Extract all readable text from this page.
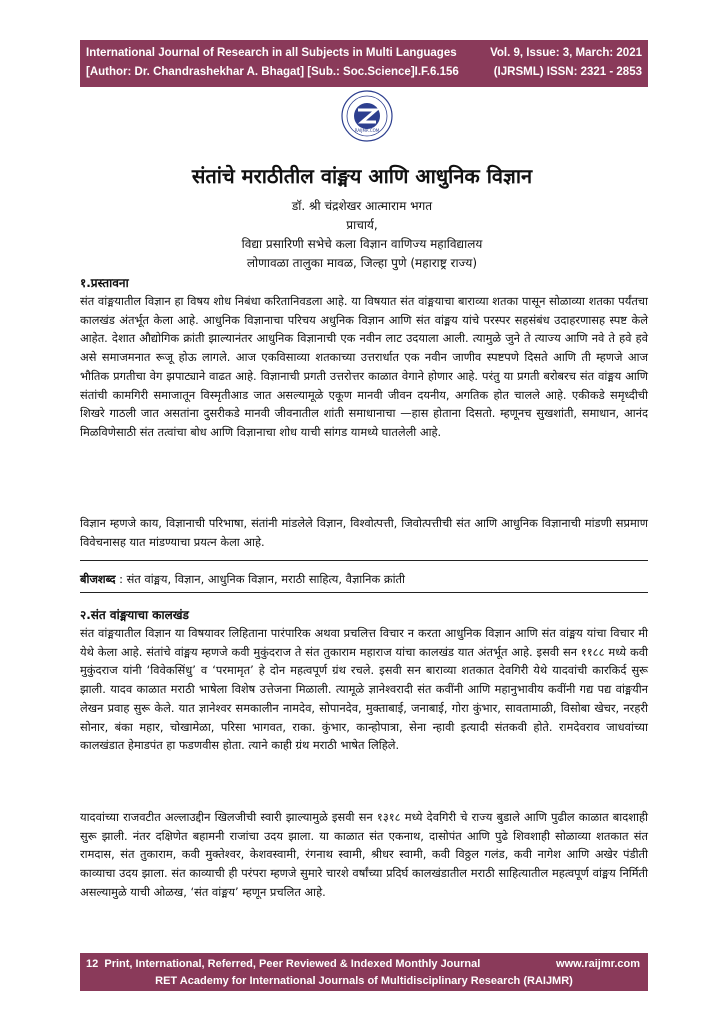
International Journal of Research in all Subjects in Multi Languages
[Author: Dr. Chandrashekhar A. Bhagat] [Sub.: Soc.Science]I.F.6.156
Vol. 9, Issue: 3, March: 2021
(IJRSML) ISSN: 2321 - 2853
RAIJMR.COM
संतांचे मराठीतील वांङ्मय आणि आधुनिक विज्ञान
डॉ. श्री चंद्रशेखर आत्माराम भगत
प्राचार्य,
विद्या प्रसारिणी सभेचे कला विज्ञान वाणिज्य महाविद्यालय
लोणावळा तालुका मावळ, जिल्हा पुणे (महाराष्ट्र राज्य)
१.प्रस्तावना
संत वांङ्मयातील विज्ञान हा विषय शोध निबंधा करितानिवडला आहे. या विषयात संत वांङ्मयाचा बाराव्या शतका पासून सोळाव्या शतका पर्यंतचा कालखंड अंतर्भूत केला आहे. आधुनिक विज्ञानाचा परिचय अधुनिक विज्ञान आणि संत वांङ्मय यांचे परस्पर सहसंबंध उदाहरणासह स्पष्ट केले आहेत. देशात औद्योगिक क्रांती झाल्यानंतर आधुनिक विज्ञानाची एक नवीन लाट उदयाला आली. त्यामुळे जुने ते त्याज्य आणि नवे ते हवे हवे असे समाजमनात रूजू होऊ लागले. आज एकविसाव्या शतकाच्या उत्तरार्धात एक नवीन जाणीव स्पष्टपणे दिसते आणि ती म्हणजे आज भौतिक प्रगतीचा वेग झपाट्याने वाढत आहे. विज्ञानाची प्रगती उत्तरोत्तर काळात वेगाने होणार आहे. परंतु या प्रगती बरोबरच संत वांङ्मय आणि संतांची कामगिरी समाजातून विस्मृतीआड जात असल्यामूळे एकूण मानवी जीवन दयनीय, अगतिक होत चालले आहे. एकीकडे समृध्दीची शिखरे गाठली जात असतांना दुसरीकडे मानवी जीवनातील शांती समाधानाचा —हास होताना दिसतो. म्हणूनच सुखशांती, समाधान, आनंद मिळविणेसाठी संत तत्वांचा बोध आणि विज्ञानाचा शोध याची सांगड यामध्ये घातलेली आहे.
विज्ञान म्हणजे काय, विज्ञानाची परिभाषा, संतांनी मांडलेले विज्ञान, विश्वोत्पत्ती, जिवोत्पत्तीची संत आणि आधुनिक विज्ञानाची मांडणी सप्रमाण विवेचनासह यात मांडण्याचा प्रयत्न केला आहे.
बीजशब्द : संत वांङ्मय, विज्ञान, आधुनिक विज्ञान, मराठी साहित्य, वैज्ञानिक क्रांती
२.संत वांङ्मयाचा कालखंड
संत वांङ्मयातील विज्ञान या विषयावर लिहिताना पारंपारिक अथवा प्रचलित्त विचार न करता आधुनिक विज्ञान आणि संत वांङ्मय यांचा विचार मी येथे केला आहे. संतांचे वांङ्मय म्हणजे कवी मुकुंदराज ते संत तुकाराम महाराज यांचा कालखंड यात अंतर्भूत आहे. इसवी सन ११८८ मध्ये कवी मुकुंदराज यांनी ‘विवेकसिंधु’ व ‘परमामृत’ हे दोन महत्वपूर्ण ग्रंथ रचले. इसवी सन बाराव्या शतकात देवगिरी येथे यादवांची कारकिर्द सुरू झाली. यादव काळात मराठी भाषेला विशेष उत्तेजना मिळाली. त्यामूळे ज्ञानेश्वरादी संत कवींनी आणि महानुभावीय कवींनी गद्य पद्य वांङ्मयीन लेखन प्रवाह सुरू केले. यात ज्ञानेश्वर समकालीन नामदेव, सोपानदेव, मुक्ताबाई, जनाबाई, गोरा कुंभार, सावतामाळी, विसोबा खेचर, नरहरी सोनार, बंका महार, चोखामेळा, परिसा भागवत, राका. कुंभार, कान्होपात्रा, सेना न्हावी इत्यादी संतकवी होते. रामदेवराव जाधवांच्या कालखंडात हेमाडपंत हा फडणवीस होता. त्याने काही ग्रंथ मराठी भाषेत लिहिले.
यादवांच्या राजवटीत अल्लाउद्दीन खिलजीची स्वारी झाल्यामुळे इसवी सन १३१८ मध्ये देवगिरी चे राज्य बुडाले आणि पुढील काळात बादशाही सुरू झाली. नंतर दक्षिणेत बहामनी राजांचा उदय झाला. या काळात संत एकनाथ, दासोपंत आणि पुढे शिवशाही सोळाव्या शतकात संत रामदास, संत तुकाराम, कवी मुक्तेश्वर, केशवस्वामी, रंगनाथ स्वामी, श्रीधर स्वामी, कवी विठ्ठल गलंड, कवी नागेश आणि अखेर पंडीती काव्याचा उदय झाला. संत काव्याची ही परंपरा म्हणजे सुमारे चारशे वर्षांच्या प्रदिर्घ कालखंडातील मराठी साहित्यातील महत्वपूर्ण वांङ्मय निर्मिती असल्यामुळे याची ओळख, ‘संत वांङ्मय’ म्हणून प्रचलित आहे.
12 Print, International, Referred, Peer Reviewed & Indexed Monthly Journal	www.raijmr.com
RET Academy for International Journals of Multidisciplinary Research (RAIJMR)
